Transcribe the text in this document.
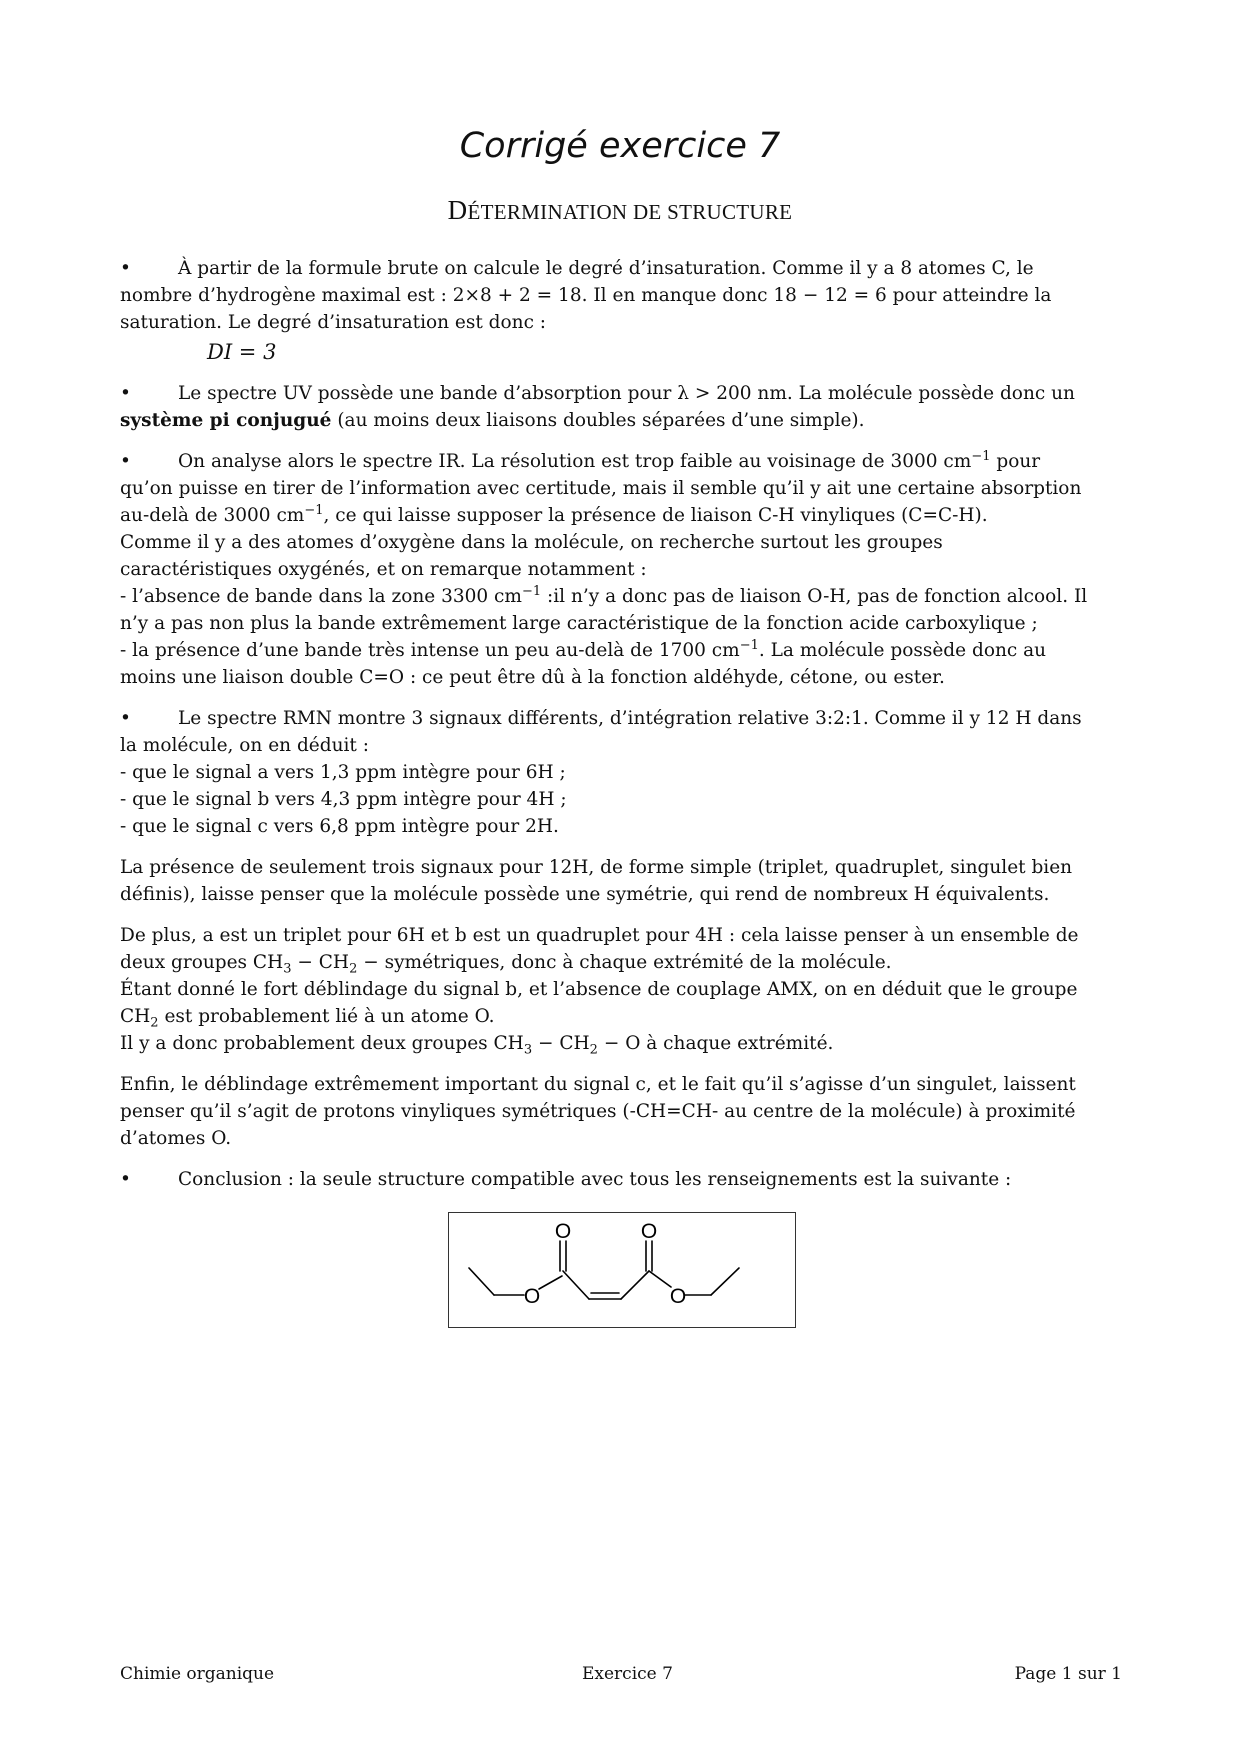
Corrigé exercice 7
DÉTERMINATION DE STRUCTURE
•	À partir de la formule brute on calcule le degré d’insaturation. Comme il y a 8 atomes C, le
nombre d’hydrogène maximal est : 2×8 + 2 = 18. Il en manque donc 18 − 12 = 6 pour atteindre la
saturation. Le degré d’insaturation est donc :
DI = 3
•	Le spectre UV possède une bande d’absorption pour λ > 200 nm. La molécule possède donc un
système pi conjugué (au moins deux liaisons doubles séparées d’une simple).
•	On analyse alors le spectre IR. La résolution est trop faible au voisinage de 3000 $cm^{-1}$ pour
qu’on puisse en tirer de l’information avec certitude, mais il semble qu’il y ait une certaine absorption
au-delà de 3000 $cm^{-1}$, ce qui laisse supposer la présence de liaison C-H vinyliques (C=C-H).
Comme il y a des atomes d’oxygène dans la molécule, on recherche surtout les groupes
caractéristiques oxygénés, et on remarque notamment :
- l’absence de bande dans la zone 3300 $cm^{-1}$ :il n’y a donc pas de liaison O-H, pas de fonction alcool. Il
n’y a pas non plus la bande extrêmement large caractéristique de la fonction acide carboxylique ;
- la présence d’une bande très intense un peu au-delà de 1700 $cm^{-1}$. La molécule possède donc au
moins une liaison double C=O : ce peut être dû à la fonction aldéhyde, cétone, ou ester.
•	Le spectre RMN montre 3 signaux différents, d’intégration relative 3:2:1. Comme il y 12 H dans
la molécule, on en déduit :
- que le signal a vers 1,3 ppm intègre pour 6H ;
- que le signal b vers 4,3 ppm intègre pour 4H ;
- que le signal c vers 6,8 ppm intègre pour 2H.
La présence de seulement trois signaux pour 12H, de forme simple (triplet, quadruplet, singulet bien
définis), laisse penser que la molécule possède une symétrie, qui rend de nombreux H équivalents.
De plus, a est un triplet pour 6H et b est un quadruplet pour 4H : cela laisse penser à un ensemble de
deux groupes $CH_3 - CH_2$ − symétriques, donc à chaque extrémité de la molécule.
Étant donné le fort déblindage du signal b, et l’absence de couplage AMX, on en déduit que le groupe
$CH_2$ est probablement lié à un atome O.
Il y a donc probablement deux groupes $CH_3 - CH_2 - O$ à chaque extrémité.
Enfin, le déblindage extrêmement important du signal c, et le fait qu’il s’agisse d’un singulet, laissent
penser qu’il s’agit de protons vinyliques symétriques (-CH=CH- au centre de la molécule) à proximité
d’atomes O.
•	Conclusion : la seule structure compatible avec tous les renseignements est la suivante :
O	O
O	O
Chimie organique	Exercice 7	Page 1 sur 1
